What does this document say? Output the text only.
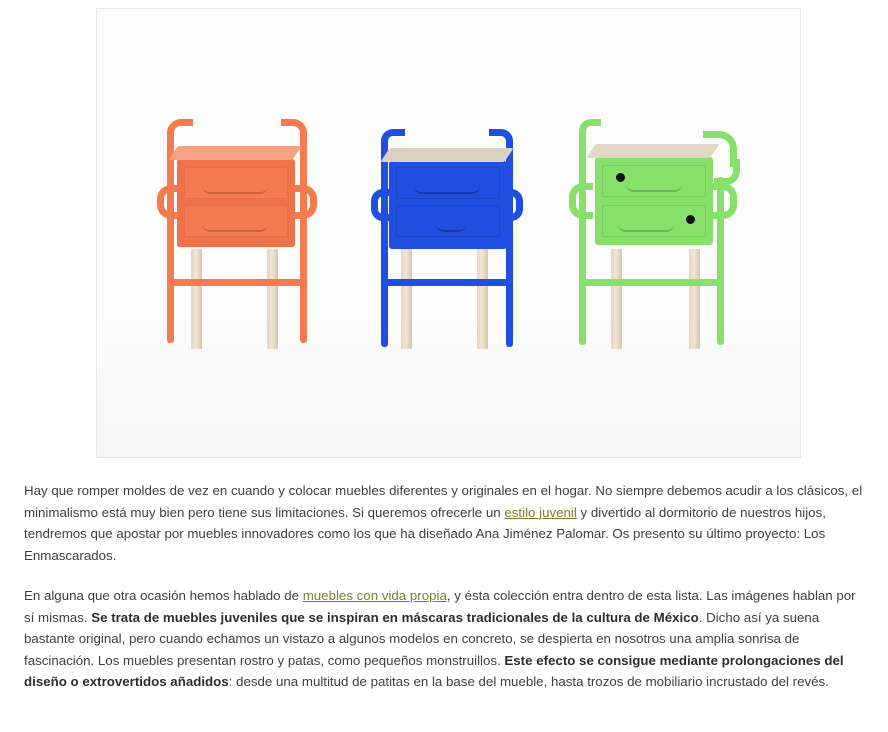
Hay que romper moldes de vez en cuando y colocar muebles diferentes y originales en el hogar. No siempre debemos acudir a los clásicos, el minimalismo está muy bien pero tiene sus limitaciones. Si queremos ofrecerle un estilo juvenil y divertido al dormitorio de nuestros hijos, tendremos que apostar por muebles innovadores como los que ha diseñado Ana Jiménez Palomar. Os presento su último proyecto: Los Enmascarados.

En alguna que otra ocasión hemos hablado de muebles con vida propia, y ésta colección entra dentro de esta lista. Las imágenes hablan por sí mismas. Se trata de muebles juveniles que se inspiran en máscaras tradicionales de la cultura de México. Dicho así ya suena bastante original, pero cuando echamos un vistazo a algunos modelos en concreto, se despierta en nosotros una amplia sonrisa de fascinación. Los muebles presentan rostro y patas, como pequeños monstruillos. Este efecto se consigue mediante prolongaciones del diseño o extrovertidos añadidos: desde una multitud de patitas en la base del mueble, hasta trozos de mobiliario incrustado del revés.
